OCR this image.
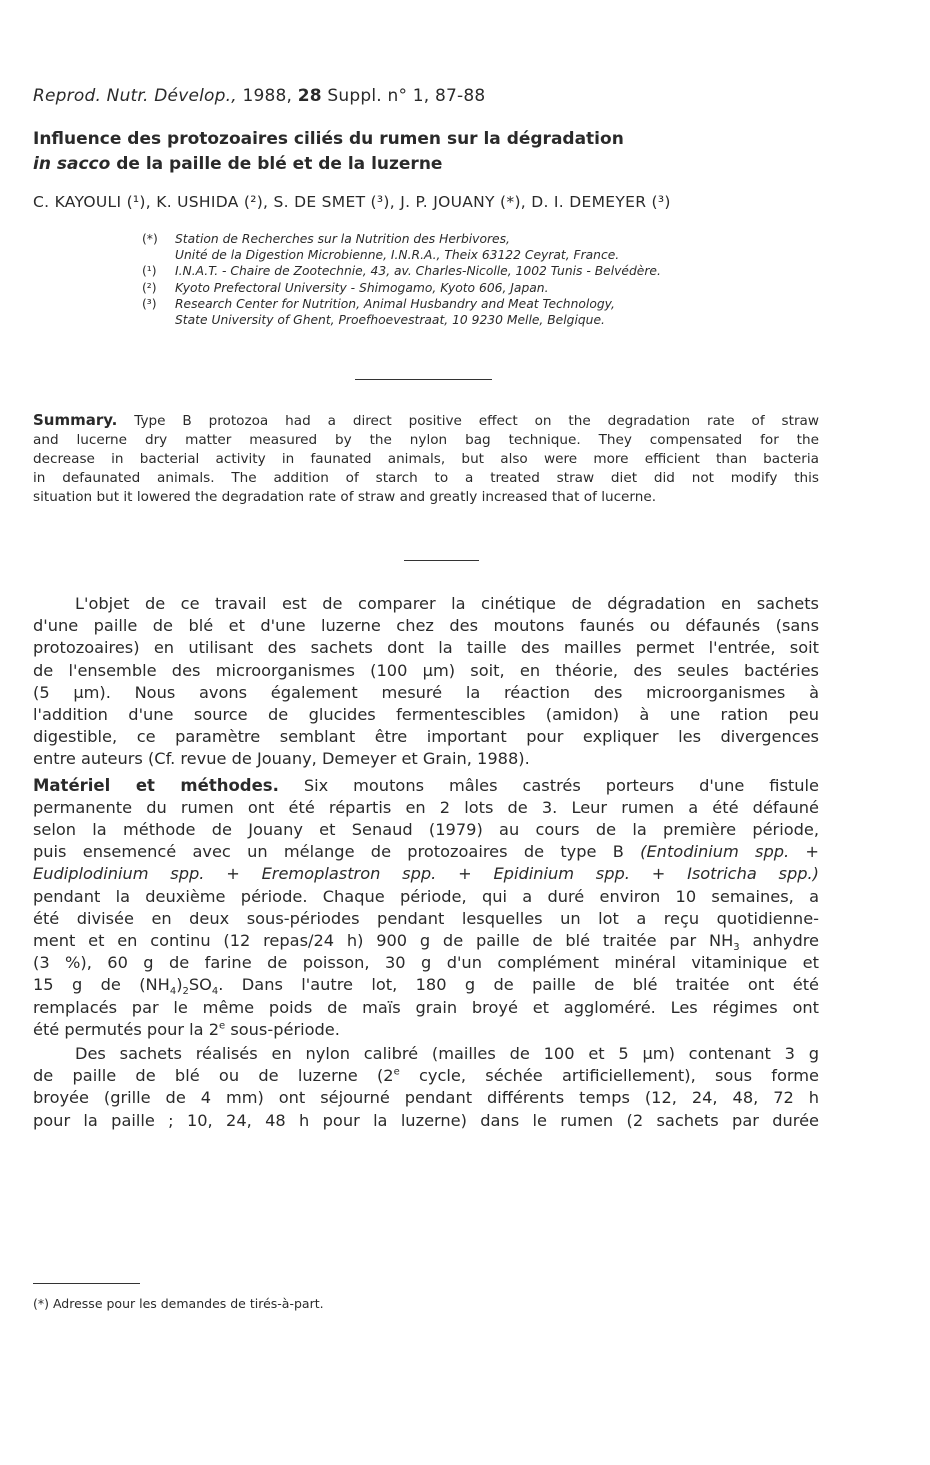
Reprod. Nutr. Dévelop., 1988, 28 Suppl. n° 1, 87-88
Influence des protozoaires ciliés du rumen sur la dégradation
in sacco de la paille de blé et de la luzerne
C. KAYOULI (¹), K. USHIDA (²), S. DE SMET (³), J. P. JOUANY (*), D. I. DEMEYER (³)
(*) Station de Recherches sur la Nutrition des Herbivores,
Unité de la Digestion Microbienne, I.N.R.A., Theix 63122 Ceyrat, France.
(¹) I.N.A.T. - Chaire de Zootechnie, 43, av. Charles-Nicolle, 1002 Tunis - Belvédère.
(²) Kyoto Prefectoral University - Shimogamo, Kyoto 606, Japan.
(³) Research Center for Nutrition, Animal Husbandry and Meat Technology,
State University of Ghent, Proefhoevestraat, 10 9230 Melle, Belgique.
Summary. Type B protozoa had a direct positive effect on the degradation rate of straw
and lucerne dry matter measured by the nylon bag technique. They compensated for the
decrease in bacterial activity in faunated animals, but also were more efficient than bacteria
in defaunated animals. The addition of starch to a treated straw diet did not modify this
situation but it lowered the degradation rate of straw and greatly increased that of lucerne.
L'objet de ce travail est de comparer la cinétique de dégradation en sachets
d'une paille de blé et d'une luzerne chez des moutons faunés ou défaunés (sans
protozoaires) en utilisant des sachets dont la taille des mailles permet l'entrée, soit
de l'ensemble des microorganismes (100 µm) soit, en théorie, des seules bactéries
(5 µm). Nous avons également mesuré la réaction des microorganismes à
l'addition d'une source de glucides fermentescibles (amidon) à une ration peu
digestible, ce paramètre semblant être important pour expliquer les divergences
entre auteurs (Cf. revue de Jouany, Demeyer et Grain, 1988).
Matériel et méthodes. Six moutons mâles castrés porteurs d'une fistule
permanente du rumen ont été répartis en 2 lots de 3. Leur rumen a été défauné
selon la méthode de Jouany et Senaud (1979) au cours de la première période,
puis ensemencé avec un mélange de protozoaires de type B (Entodinium spp. +
Eudiplodinium spp. + Eremoplastron spp. + Epidinium spp. + Isotricha spp.)
pendant la deuxième période. Chaque période, qui a duré environ 10 semaines, a
été divisée en deux sous-périodes pendant lesquelles un lot a reçu quotidienne-
ment et en continu (12 repas/24 h) 900 g de paille de blé traitée par $NH_3$ anhydre
(3 %), 60 g de farine de poisson, 30 g d'un complément minéral vitaminique et
15 g de $(NH_4)_2SO_4$. Dans l'autre lot, 180 g de paille de blé traitée ont été
remplacés par le même poids de maïs grain broyé et aggloméré. Les régimes ont
été permutés pour la 2e sous-période.
Des sachets réalisés en nylon calibré (mailles de 100 et 5 µm) contenant 3 g
de paille de blé ou de luzerne (2e cycle, séchée artificiellement), sous forme
broyée (grille de 4 mm) ont séjourné pendant différents temps (12, 24, 48, 72 h
pour la paille ; 10, 24, 48 h pour la luzerne) dans le rumen (2 sachets par durée
(*) Adresse pour les demandes de tirés-à-part.
